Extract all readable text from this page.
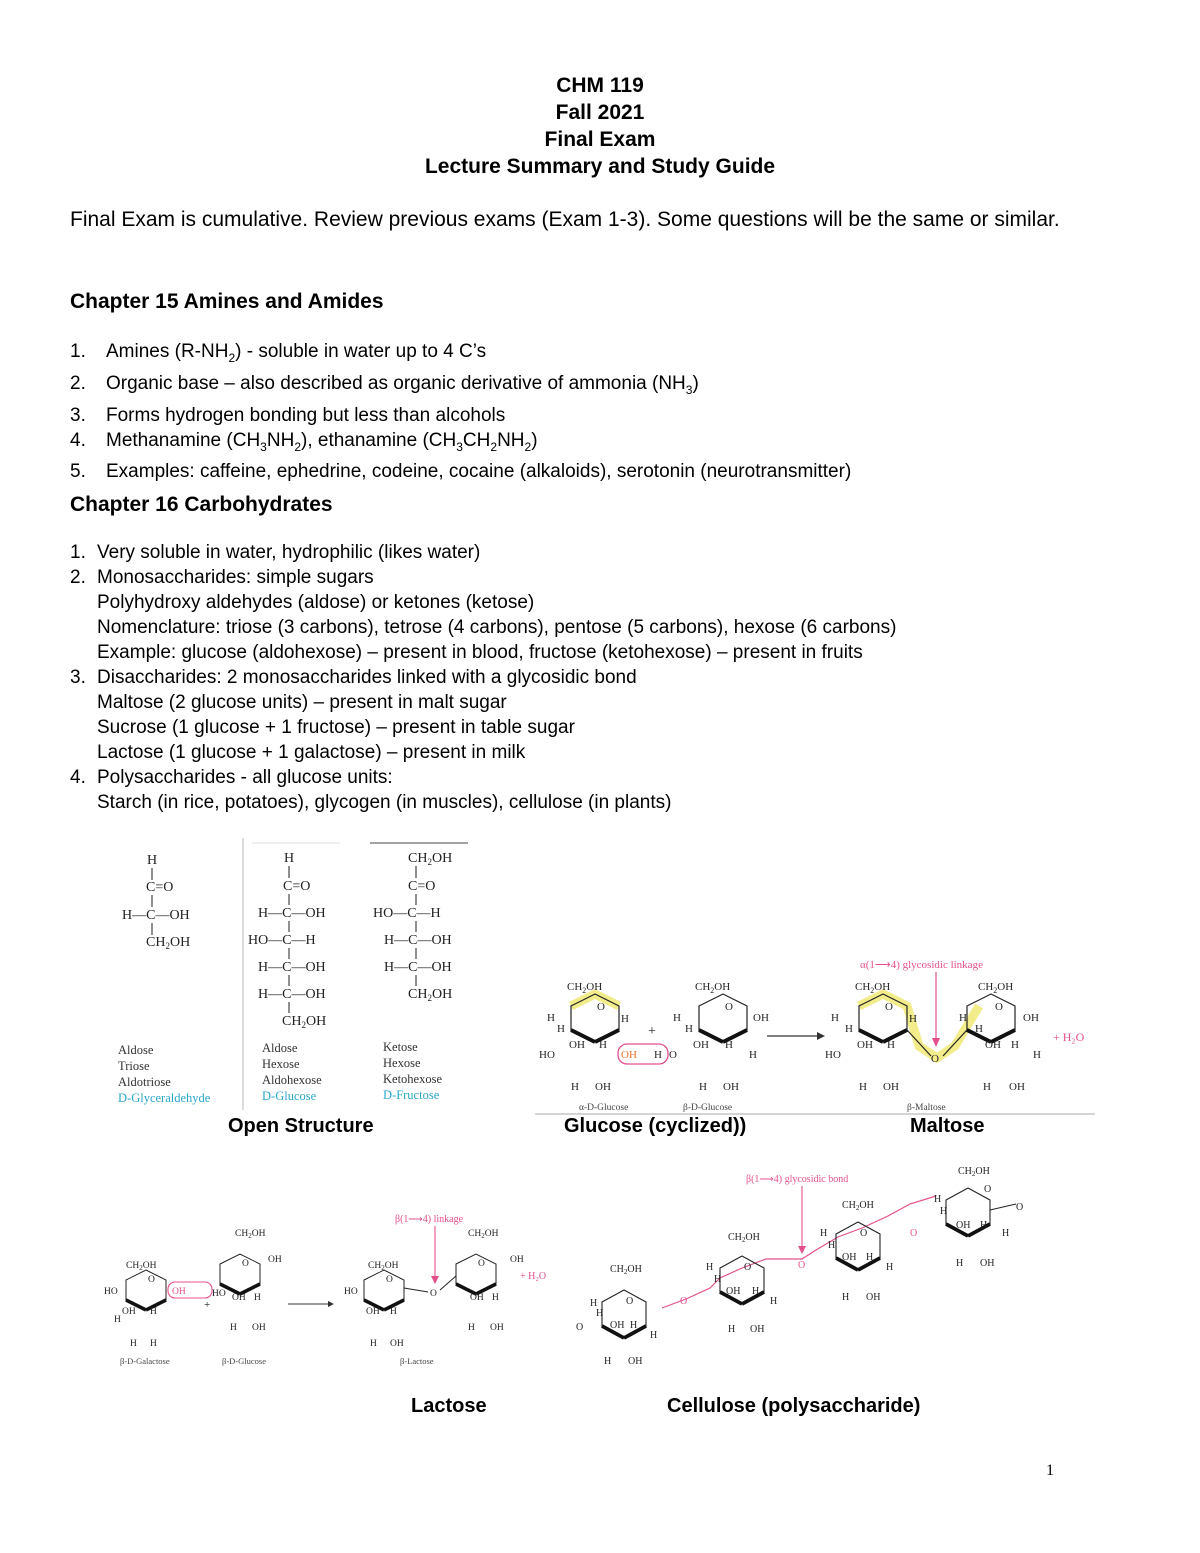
CHM 119
Fall 2021
Final Exam
Lecture Summary and Study Guide
Final Exam is cumulative. Review previous exams (Exam 1-3). Some questions will be the same or similar.
Chapter 15 Amines and Amides
1. Amines $(R-NH_2)$ - soluble in water up to 4 C’s
2. Organic base – also described as organic derivative of ammonia $(NH_3)$
3. Forms hydrogen bonding but less than alcohols
4. Methanamine $(CH_3NH_2)$, ethanamine $(CH_3CH_2NH_2)$
5. Examples: caffeine, ephedrine, codeine, cocaine (alkaloids), serotonin (neurotransmitter)
Chapter 16 Carbohydrates
1. Very soluble in water, hydrophilic (likes water)
2. Monosaccharides: simple sugars
Polyhydroxy aldehydes (aldose) or ketones (ketose)
Nomenclature: triose (3 carbons), tetrose (4 carbons), pentose (5 carbons), hexose (6 carbons)
Example: glucose (aldohexose) – present in blood, fructose (ketohexose) – present in fruits
3. Disaccharides: 2 monosaccharides linked with a glycosidic bond
Maltose (2 glucose units) – present in malt sugar
Sucrose (1 glucose + 1 fructose) – present in table sugar
Lactose (1 glucose + 1 galactose) – present in milk
4. Polysaccharides - all glucose units:
Starch (in rice, potatoes), glycogen (in muscles), cellulose (in plants)
H
C=O
H—C—OH
$CH_2OH$
H
C=O
H—C—OH
HO—C—H
H—C—OH
H—C—OH
$CH_2OH$
$CH_2OH$
C=O
HO—C—H
H—C—OH
H—C—OH
$CH_2OH$
Aldose
Triose
Aldotriose
D-Glyceraldehyde
Aldose
Hexose
Aldohexose
D-Glucose
Ketose
Hexose
Ketohexose
D-Fructose
α(1⟶4) glycosidic linkage
$CH_2OH$
O
H
H
HO
OH H
H OH
H
OH H
α-D-Glucose
+
$CH_2OH$
O
OH
H
H
O
OH H
H OH
H
β-D-Glucose
$CH_2OH$
O
H
H
HO
OH H
H OH
H
O
$CH_2OH$
O
OH
H
H
OH H
H OH
H
+ H₂O
β-Maltose
β(1⟶4) linkage
$CH_2OH$
O
HO
OH H
H
H H
OH
β-D-Galactose
+
$CH_2OH$
O OH
HO OH H
H OH
β-D-Glucose
$CH_2OH$
O
HO
OH H
H OH
O
$CH_2OH$
O	OH
OH H
H OH
+ H₂O
β-Lactose
β(1⟶4) glycosidic bond
$CH_2OH$
O
H
H
O	OH H
H
H OH
O
$CH_2OH$
O
H
H
OH H
H
H OH
O
$CH_2OH$
O
H
H
OH H
H
H OH
O
$CH_2OH$
O
O
H
H
OH H
H
H OH
Open Structure	Glucose (cyclized))	Maltose
Lactose	Cellulose (polysaccharide)
1
